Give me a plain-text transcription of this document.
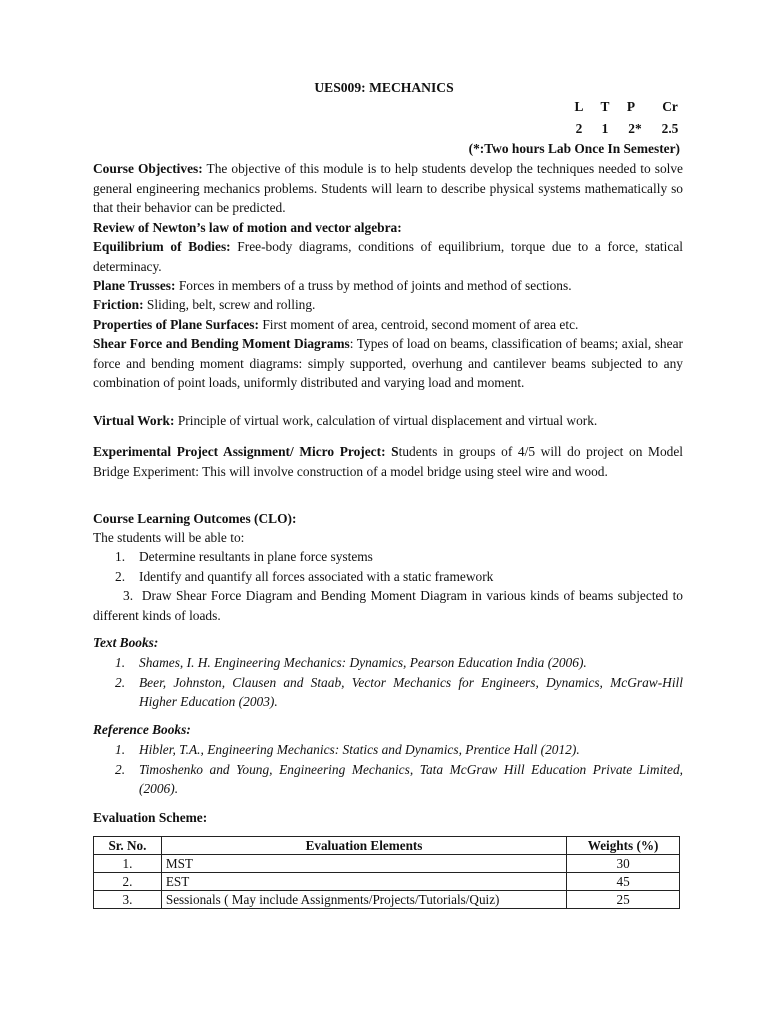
UES009: MECHANICS
L T P	Cr
2 1	2*	2.5
(*:Two hours Lab Once In Semester)
Course Objectives: The objective of this module is to help students develop the techniques needed to solve general engineering mechanics problems. Students will learn to describe physical systems mathematically so that their behavior can be predicted.
Review of Newton’s law of motion and vector algebra:
Equilibrium of Bodies: Free-body diagrams, conditions of equilibrium, torque due to a force, statical determinacy.
Plane Trusses: Forces in members of a truss by method of joints and method of sections.
Friction: Sliding, belt, screw and rolling.
Properties of Plane Surfaces: First moment of area, centroid, second moment of area etc.
Shear Force and Bending Moment Diagrams: Types of load on beams, classification of beams; axial, shear force and bending moment diagrams: simply supported, overhung and cantilever beams subjected to any combination of point loads, uniformly distributed and varying load and moment.
Virtual Work: Principle of virtual work, calculation of virtual displacement and virtual work.
Experimental Project Assignment/ Micro Project: Students in groups of 4/5 will do project on Model Bridge Experiment: This will involve construction of a model bridge using steel wire and wood.
Course Learning Outcomes (CLO):
The students will be able to:
1. Determine resultants in plane force systems
2. Identify and quantify all forces associated with a static framework
3. Draw Shear Force Diagram and Bending Moment Diagram in various kinds of beams subjected to different kinds of loads.
Text Books:
1. Shames, I. H. Engineering Mechanics: Dynamics, Pearson Education India (2006).
2. Beer, Johnston, Clausen and Staab, Vector Mechanics for Engineers, Dynamics, McGraw-Hill Higher Education (2003).
Reference Books:
1. Hibler, T.A., Engineering Mechanics: Statics and Dynamics, Prentice Hall (2012).
2. Timoshenko and Young, Engineering Mechanics, Tata McGraw Hill Education Private Limited, (2006).
Evaluation Scheme:
Sr. No.	Evaluation Elements	Weights (%)
1.	MST	30
2.	EST	45
3.	Sessionals ( May include Assignments/Projects/Tutorials/Quiz)	25
